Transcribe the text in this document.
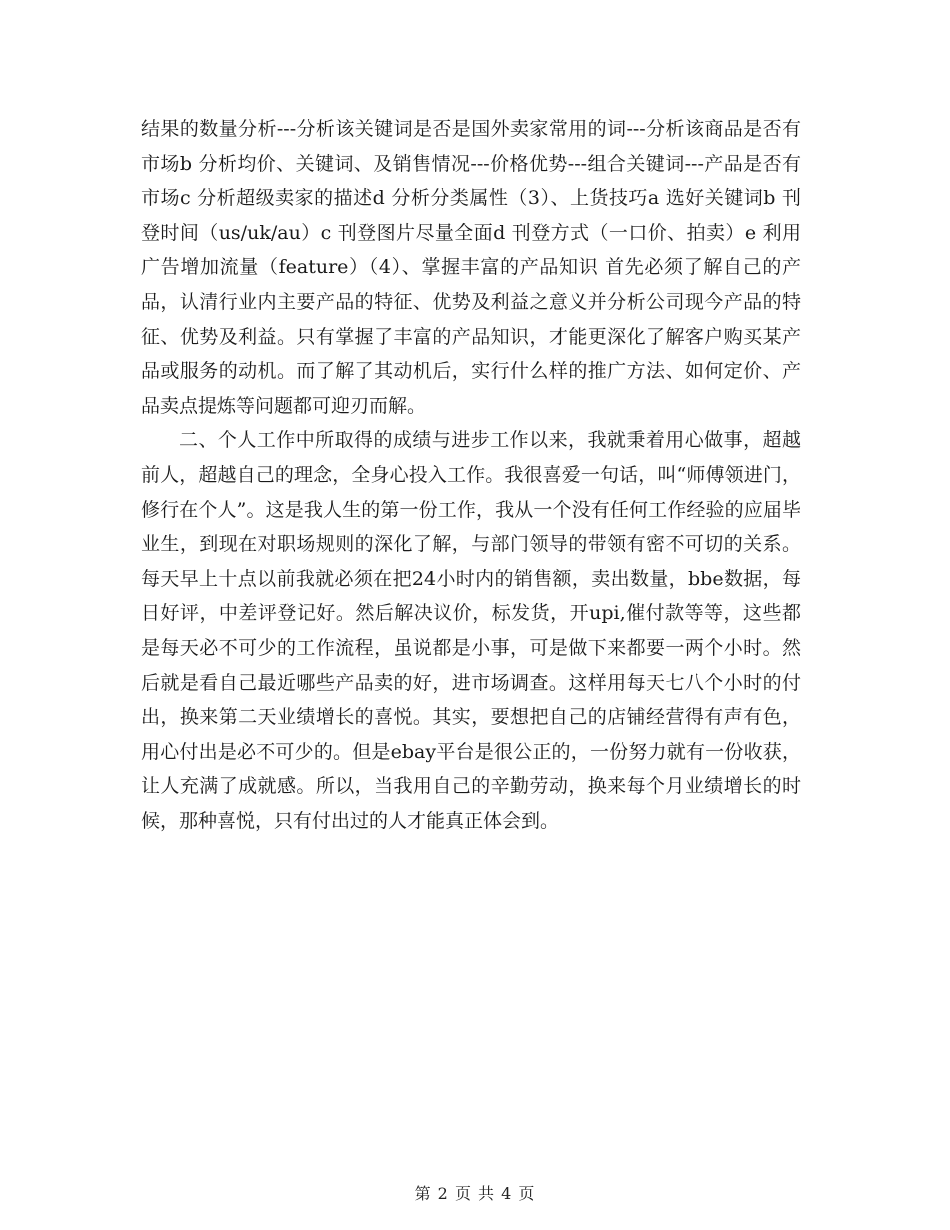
结果的数量分析---分析该关键词是否是国外卖家常用的词---分析该商品是否有市场b 分析均价、关键词、及销售情况---价格优势---组合关键词---产品是否有市场c 分析超级卖家的描述d 分析分类属性（3）、上货技巧a 选好关键词b 刊登时间（us/uk/au）c 刊登图片尽量全面d 刊登方式（一口价、拍卖）e 利用广告增加流量（feature）（4）、掌握丰富的产品知识 首先必须了解自己的产品，认清行业内主要产品的特征、优势及利益之意义并分析公司现今产品的特征、优势及利益。只有掌握了丰富的产品知识，才能更深化了解客户购买某产品或服务的动机。而了解了其动机后，实行什么样的推广方法、如何定价、产品卖点提炼等问题都可迎刃而解。

二、个人工作中所取得的成绩与进步工作以来，我就秉着用心做事，超越前人，超越自己的理念，全身心投入工作。我很喜爱一句话，叫“师傅领进门，修行在个人”。这是我人生的第一份工作，我从一个没有任何工作经验的应届毕业生，到现在对职场规则的深化了解，与部门领导的带领有密不可切的关系。每天早上十点以前我就必须在把24小时内的销售额，卖出数量，bbe数据，每日好评，中差评登记好。然后解决议价，标发货，开upi,催付款等等，这些都是每天必不可少的工作流程，虽说都是小事，可是做下来都要一两个小时。然后就是看自己最近哪些产品卖的好，进市场调查。这样用每天七八个小时的付出，换来第二天业绩增长的喜悦。其实，要想把自己的店铺经营得有声有色，用心付出是必不可少的。但是ebay平台是很公正的，一份努力就有一份收获，让人充满了成就感。所以，当我用自己的辛勤劳动，换来每个月业绩增长的时候，那种喜悦，只有付出过的人才能真正体会到。

第 2 页 共 4 页
